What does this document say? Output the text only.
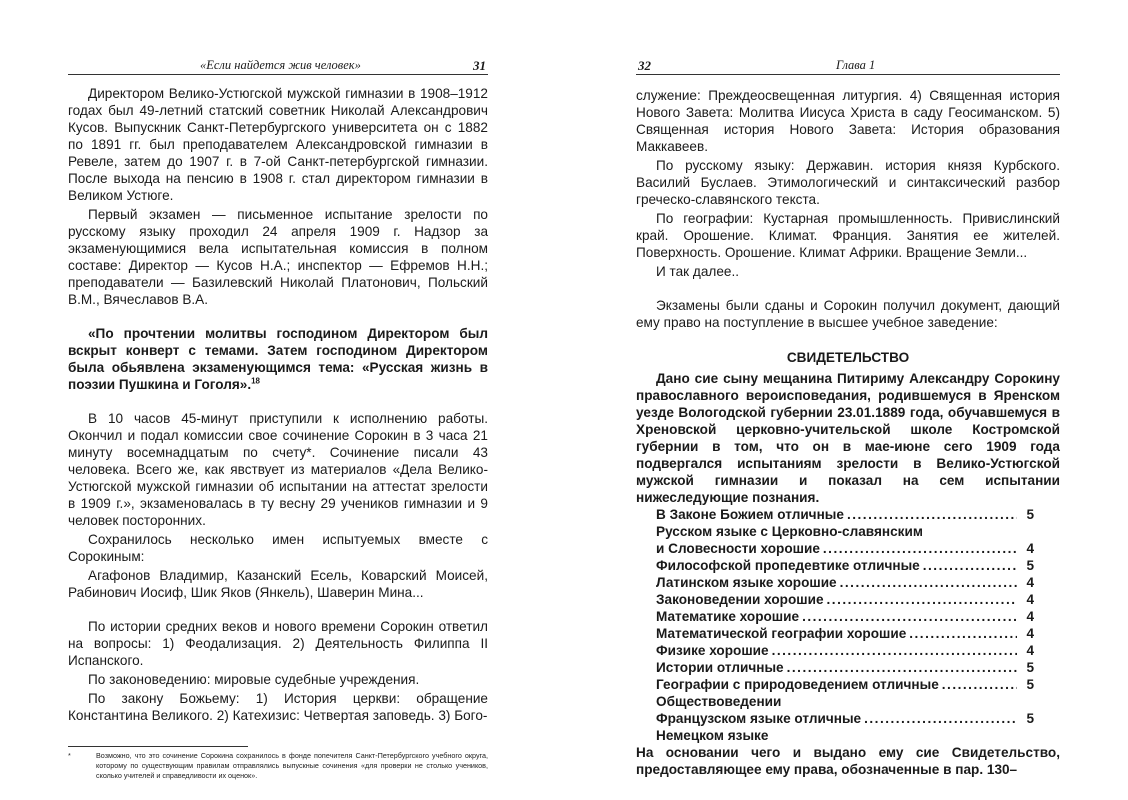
«Если найдется жив человек»	31

Директором Велико-Устюгской мужской гимназии в 1908–1912 годах был 49-летний статский советник Николай Александрович Кусов. Выпускник Санкт-Петербургского университета он с 1882 по 1891 гг. был преподавателем Александровской гимназии в Ревеле, затем до 1907 г. в 7-ой Санкт-петербургской гимназии. После выхода на пенсию в 1908 г. стал директором гимназии в Великом Устюге.

Первый экзамен — письменное испытание зрелости по русскому языку проходил 24 апреля 1909 г. Надзор за экзаменующимися вела испытательная комиссия в полном составе: Директор — Кусов Н.А.; инспектор — Ефремов Н.Н.; преподаватели — Базилевский Николай Платонович, Польский В.М., Вячеславов В.А.

«По прочтении молитвы господином Директором был вскрыт конверт с темами. Затем господином Директором была обьявлена экзаменующимся тема: «Русская жизнь в поэзии Пушкина и Гоголя».$^{18}$

В 10 часов 45-минут приступили к исполнению работы. Окончил и подал комиссии свое сочинение Сорокин в 3 часа 21 минуту восемнадцатым по счету*. Сочинение писали 43 человека. Всего же, как явствует из материалов «Дела Велико-Устюгской мужской гимназии об испытании на аттестат зрелости в 1909 г.», экзаменовалась в ту весну 29 учеников гимназии и 9 человек посторонних.

Сохранилось несколько имен испытуемых вместе с Сорокиным:

Агафонов Владимир, Казанский Есель, Коварский Моисей, Рабинович Иосиф, Шик Яков (Янкель), Шаверин Мина...

По истории средних веков и нового времени Сорокин ответил на вопросы: 1) Феодализация. 2) Деятельность Филиппа II Испанского.

По законоведению: мировые судебные учреждения.

По закону Божьему: 1) История церкви: обращение Константина Великого. 2) Катехизис: Четвертая заповедь. 3) Бого-

*	Возможно, что это сочинение Сорокина сохранилось в фонде попечителя Санкт-Петербургского учебного округа, которому по существующим правилам отправлялись выпускные сочинения «для проверки не столько учеников, сколько учителей и справедливости их оценок».
32	Глава 1

служение: Преждеосвещенная литургия. 4) Священная история Нового Завета: Молитва Иисуса Христа в саду Геосиманском. 5) Священная история Нового Завета: История образования Маккавеев.

По русскому языку: Державин. история князя Курбского. Василий Буслаев. Этимологический и синтаксический разбор греческо-славянского текста.

По географии: Кустарная промышленность. Привислинский край. Орошение. Климат. Франция. Занятия ее жителей. Поверхность. Орошение. Климат Африки. Вращение Земли...

И так далее..

Экзамены были сданы и Сорокин получил документ, дающий ему право на поступление в высшее учебное заведение:

СВИДЕТЕЛЬСТВО

Дано сие сыну мещанина Питириму Александру Сорокину православного вероисповедания, родившемуся в Яренском уезде Вологодской губернии 23.01.1889 года, обучавшемуся в Хреновской церковно-учительской школе Костромской губернии в том, что он в мае-июне сего 1909 года подвергался испытаниям зрелости в Велико-Устюгской мужской гимназии и показал на сем испытании нижеследующие познания.

В Законе Божием отличные .....	5
Русском языке с Церковно-славянским
и Словесности хорошие .....	4
Философской пропедевтике отличные .....	5
Латинском языке хорошие .....	4
Законоведении хорошие .....	4
Математике хорошие .....	4
Математической географии хорошие .....	4
Физике хорошие .....	4
Истории отличные .....	5
Географии с природоведением отличные .....	5
Обществоведении
Французском языке отличные .....	5
Немецком языке

На основании чего и выдано ему сие Свидетельство, предоставляющее ему права, обозначенные в пар. 130–
